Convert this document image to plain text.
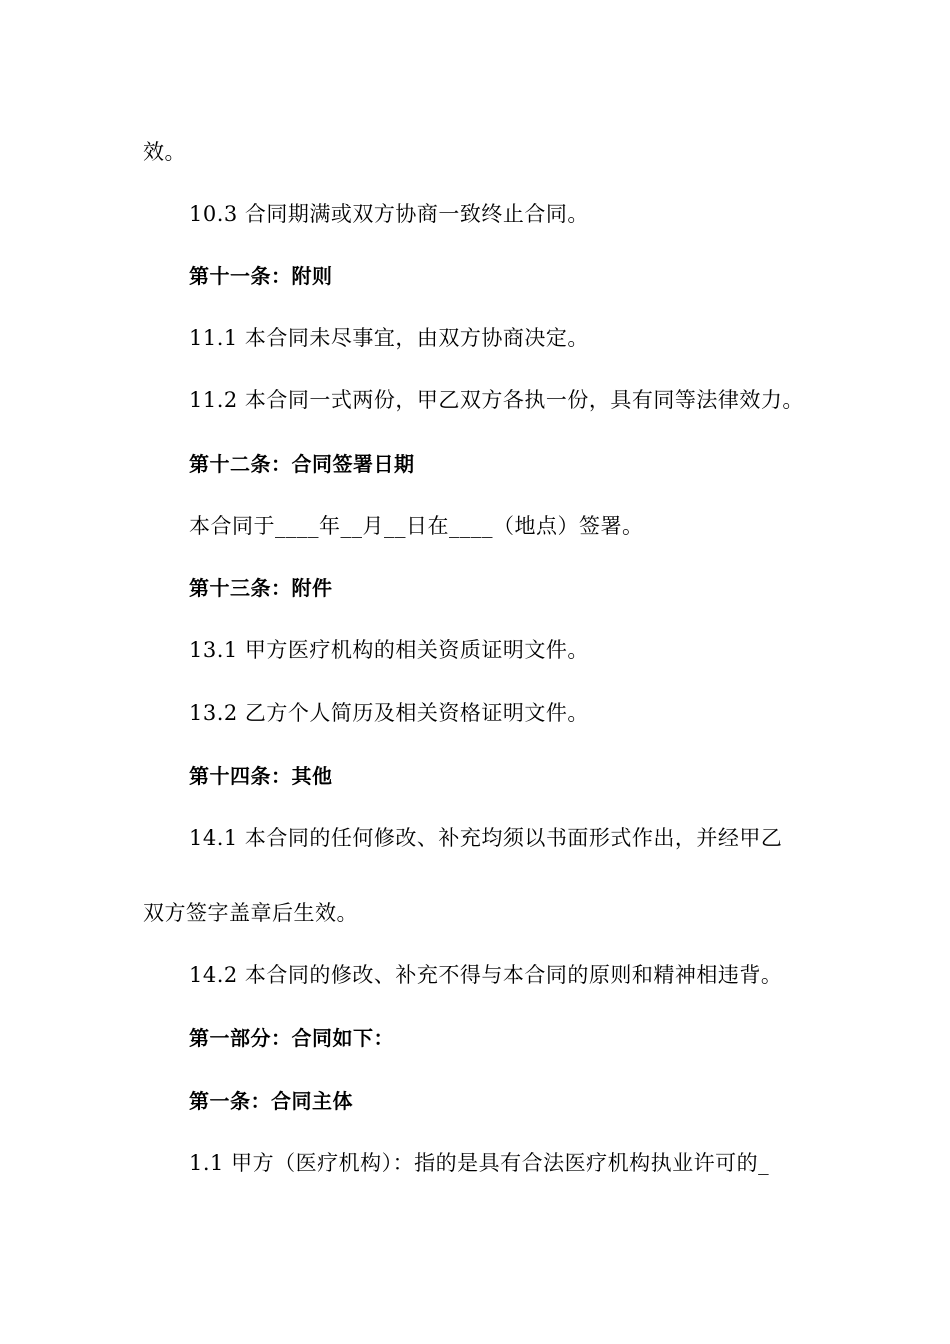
效。
10.3 合同期满或双方协商一致终止合同。
第十一条：附则
11.1 本合同未尽事宜，由双方协商决定。
11.2 本合同一式两份，甲乙双方各执一份，具有同等法律效力。
第十二条：合同签署日期
本合同于____年__月__日在____（地点）签署。
第十三条：附件
13.1 甲方医疗机构的相关资质证明文件。
13.2 乙方个人简历及相关资格证明文件。
第十四条：其他
14.1 本合同的任何修改、补充均须以书面形式作出，并经甲乙
双方签字盖章后生效。
14.2 本合同的修改、补充不得与本合同的原则和精神相违背。
第一部分：合同如下：
第一条：合同主体
1.1 甲方（医疗机构）：指的是具有合法医疗机构执业许可的_
